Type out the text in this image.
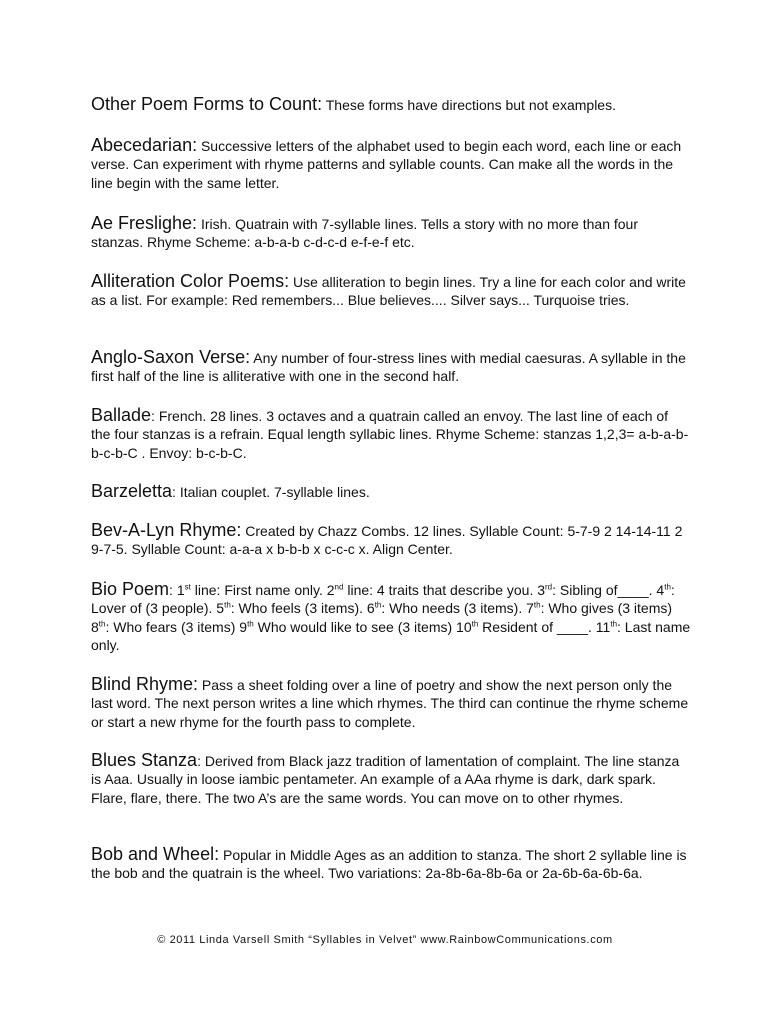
Other Poem Forms to Count: These forms have directions but not examples.
Abecedarian: Successive letters of the alphabet used to begin each word, each line or each verse. Can experiment with rhyme patterns and syllable counts. Can make all the words in the line begin with the same letter.
Ae Freslighe: Irish. Quatrain with 7-syllable lines. Tells a story with no more than four stanzas. Rhyme Scheme: a-b-a-b c-d-c-d e-f-e-f etc.
Alliteration Color Poems: Use alliteration to begin lines. Try a line for each color and write as a list. For example: Red remembers... Blue believes.... Silver says... Turquoise tries.
Anglo-Saxon Verse: Any number of four-stress lines with medial caesuras. A syllable in the first half of the line is alliterative with one in the second half.
Ballade: French. 28 lines. 3 octaves and a quatrain called an envoy. The last line of each of the four stanzas is a refrain. Equal length syllabic lines. Rhyme Scheme: stanzas 1,2,3= a-b-a-b-b-c-b-C . Envoy: b-c-b-C.
Barzeletta: Italian couplet. 7-syllable lines.
Bev-A-Lyn Rhyme: Created by Chazz Combs. 12 lines. Syllable Count: 5-7-9 2 14-14-11 2 9-7-5. Syllable Count: a-a-a x b-b-b x c-c-c x. Align Center.
Bio Poem: 1st line: First name only. 2nd line: 4 traits that describe you. 3rd: Sibling of____. 4th: Lover of (3 people). 5th: Who feels (3 items). 6th: Who needs (3 items). 7th: Who gives (3 items) 8th: Who fears (3 items) 9th Who would like to see (3 items) 10th Resident of ____. 11th: Last name only.
Blind Rhyme: Pass a sheet folding over a line of poetry and show the next person only the last word. The next person writes a line which rhymes. The third can continue the rhyme scheme or start a new rhyme for the fourth pass to complete.
Blues Stanza: Derived from Black jazz tradition of lamentation of complaint. The line stanza is Aaa. Usually in loose iambic pentameter. An example of a AAa rhyme is dark, dark spark. Flare, flare, there. The two A’s are the same words. You can move on to other rhymes.
Bob and Wheel: Popular in Middle Ages as an addition to stanza. The short 2 syllable line is the bob and the quatrain is the wheel. Two variations: 2a-8b-6a-8b-6a or 2a-6b-6a-6b-6a.
© 2011 Linda Varsell Smith “Syllables in Velvet” www.RainbowCommunications.com
